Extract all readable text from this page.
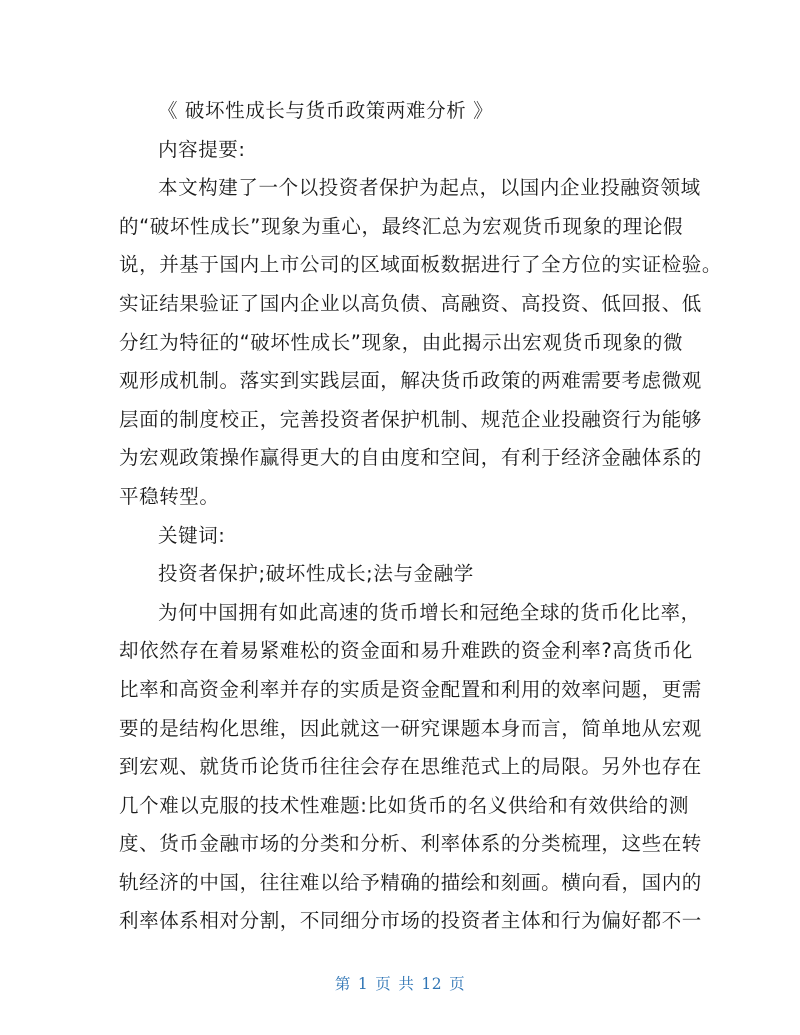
《 破坏性成长与货币政策两难分析 》
内容提要:
本文构建了一个以投资者保护为起点，以国内企业投融资领域
的“破坏性成长”现象为重心，最终汇总为宏观货币现象的理论假
说，并基于国内上市公司的区域面板数据进行了全方位的实证检验。
实证结果验证了国内企业以高负债、高融资、高投资、低回报、低
分红为特征的“破坏性成长”现象，由此揭示出宏观货币现象的微
观形成机制。落实到实践层面，解决货币政策的两难需要考虑微观
层面的制度校正，完善投资者保护机制、规范企业投融资行为能够
为宏观政策操作赢得更大的自由度和空间，有利于经济金融体系的
平稳转型。
关键词:
投资者保护;破坏性成长;法与金融学
为何中国拥有如此高速的货币增长和冠绝全球的货币化比率，
却依然存在着易紧难松的资金面和易升难跌的资金利率?高货币化
比率和高资金利率并存的实质是资金配置和利用的效率问题，更需
要的是结构化思维，因此就这一研究课题本身而言，简单地从宏观
到宏观、就货币论货币往往会存在思维范式上的局限。另外也存在
几个难以克服的技术性难题:比如货币的名义供给和有效供给的测
度、货币金融市场的分类和分析、利率体系的分类梳理，这些在转
轨经济的中国，往往难以给予精确的描绘和刻画。横向看，国内的
利率体系相对分割，不同细分市场的投资者主体和行为偏好都不一
第 1 页 共 12 页
